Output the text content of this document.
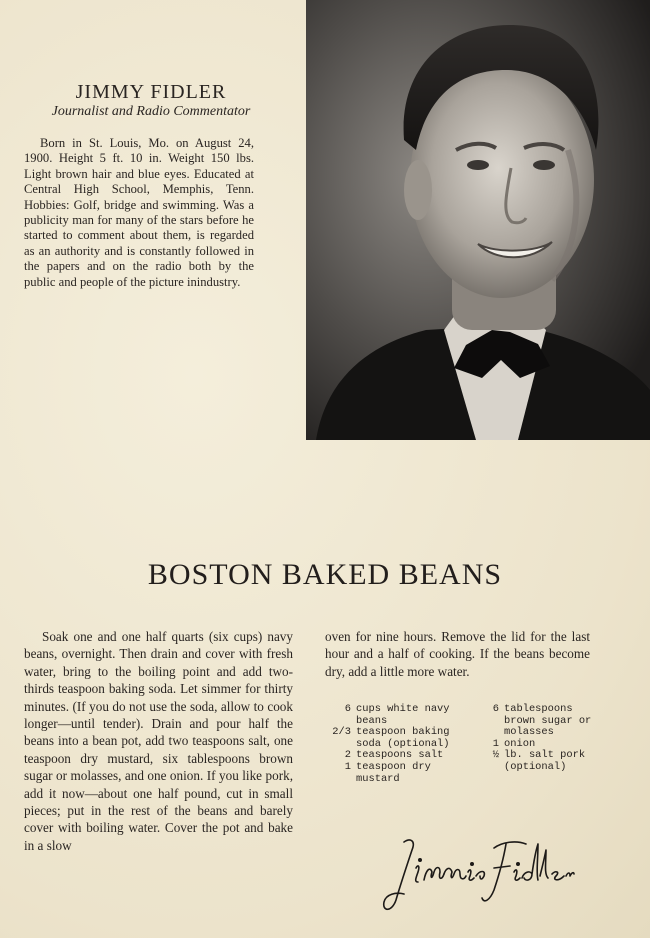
JIMMY FIDLER
Journalist and Radio Commentator

Born in St. Louis, Mo. on August 24, 1900. Height 5 ft. 10 in. Weight 150 lbs. Light brown hair and blue eyes. Educated at Central High School, Memphis, Tenn. Hobbies: Golf, bridge and swimming. Was a publicity man for many of the stars before he started to comment about them, is regarded as an authority and is constantly followed in the papers and on the radio both by the public and people of the picture inindustry.

BOSTON BAKED BEANS

Soak one and one half quarts (six cups) navy beans, overnight. Then drain and cover with fresh water, bring to the boiling point and add two-thirds teaspoon baking soda. Let simmer for thirty minutes. (If you do not use the soda, allow to cook longer—until tender). Drain and pour half the beans into a bean pot, add two teaspoons salt, one teaspoon dry mustard, six tablespoons brown sugar or molasses, and one onion. If you like pork, add it now—about one half pound, cut in small pieces; put in the rest of the beans and barely cover with boiling water. Cover the pot and bake in a slow

oven for nine hours. Remove the lid for the last hour and a half of cooking. If the beans become dry, add a little more water.

6 cups white navy beans
2/3 teaspoon baking soda (optional)
2 teaspoons salt
1 teaspoon dry mustard
6 tablespoons brown sugar or molasses
1 onion
½ lb. salt pork (optional)
